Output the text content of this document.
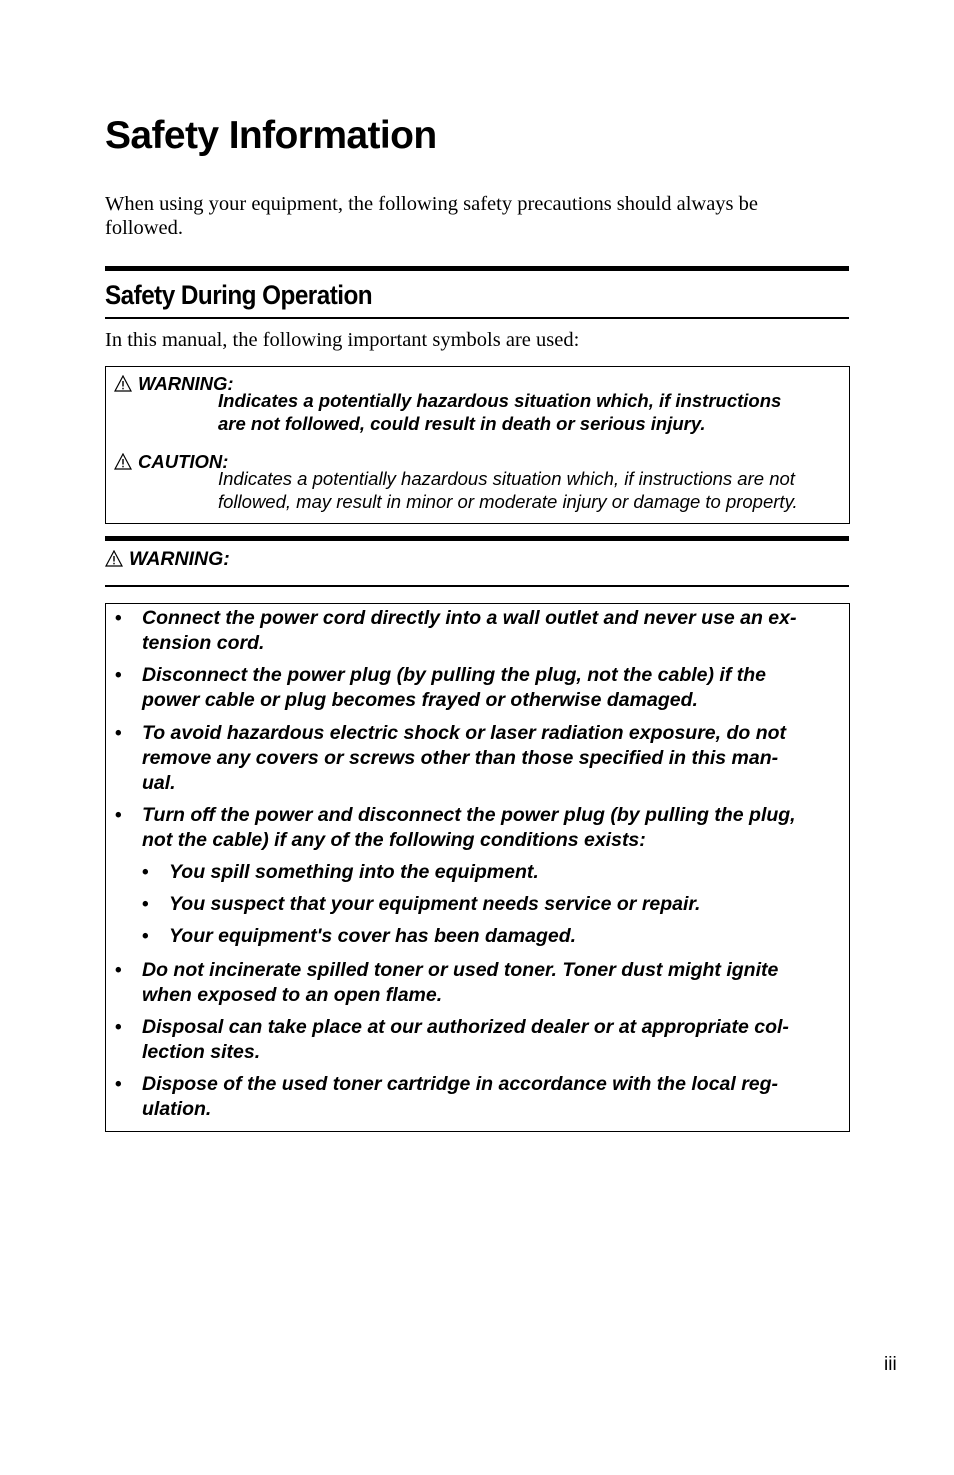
Safety Information

When using your equipment, the following safety precautions should always be
followed.

Safety During Operation

In this manual, the following important symbols are used:

WARNING:

Indicates a potentially hazardous situation which, if instructions
are not followed, could result in death or serious injury.

CAUTION:

Indicates a potentially hazardous situation which, if instructions are not
followed, may result in minor or moderate injury or damage to property.

WARNING:
• Connect the power cord directly into a wall outlet and never use an ex-
tension cord.
• Disconnect the power plug (by pulling the plug, not the cable) if the
power cable or plug becomes frayed or otherwise damaged.
• To avoid hazardous electric shock or laser radiation exposure, do not
remove any covers or screws other than those specified in this man-
ual.
• Turn off the power and disconnect the power plug (by pulling the plug,
not the cable) if any of the following conditions exists:
• You spill something into the equipment.
• You suspect that your equipment needs service or repair.
• Your equipment's cover has been damaged.
• Do not incinerate spilled toner or used toner. Toner dust might ignite
when exposed to an open flame.
• Disposal can take place at our authorized dealer or at appropriate col-
lection sites.
• Dispose of the used toner cartridge in accordance with the local reg-
ulation.

iii
